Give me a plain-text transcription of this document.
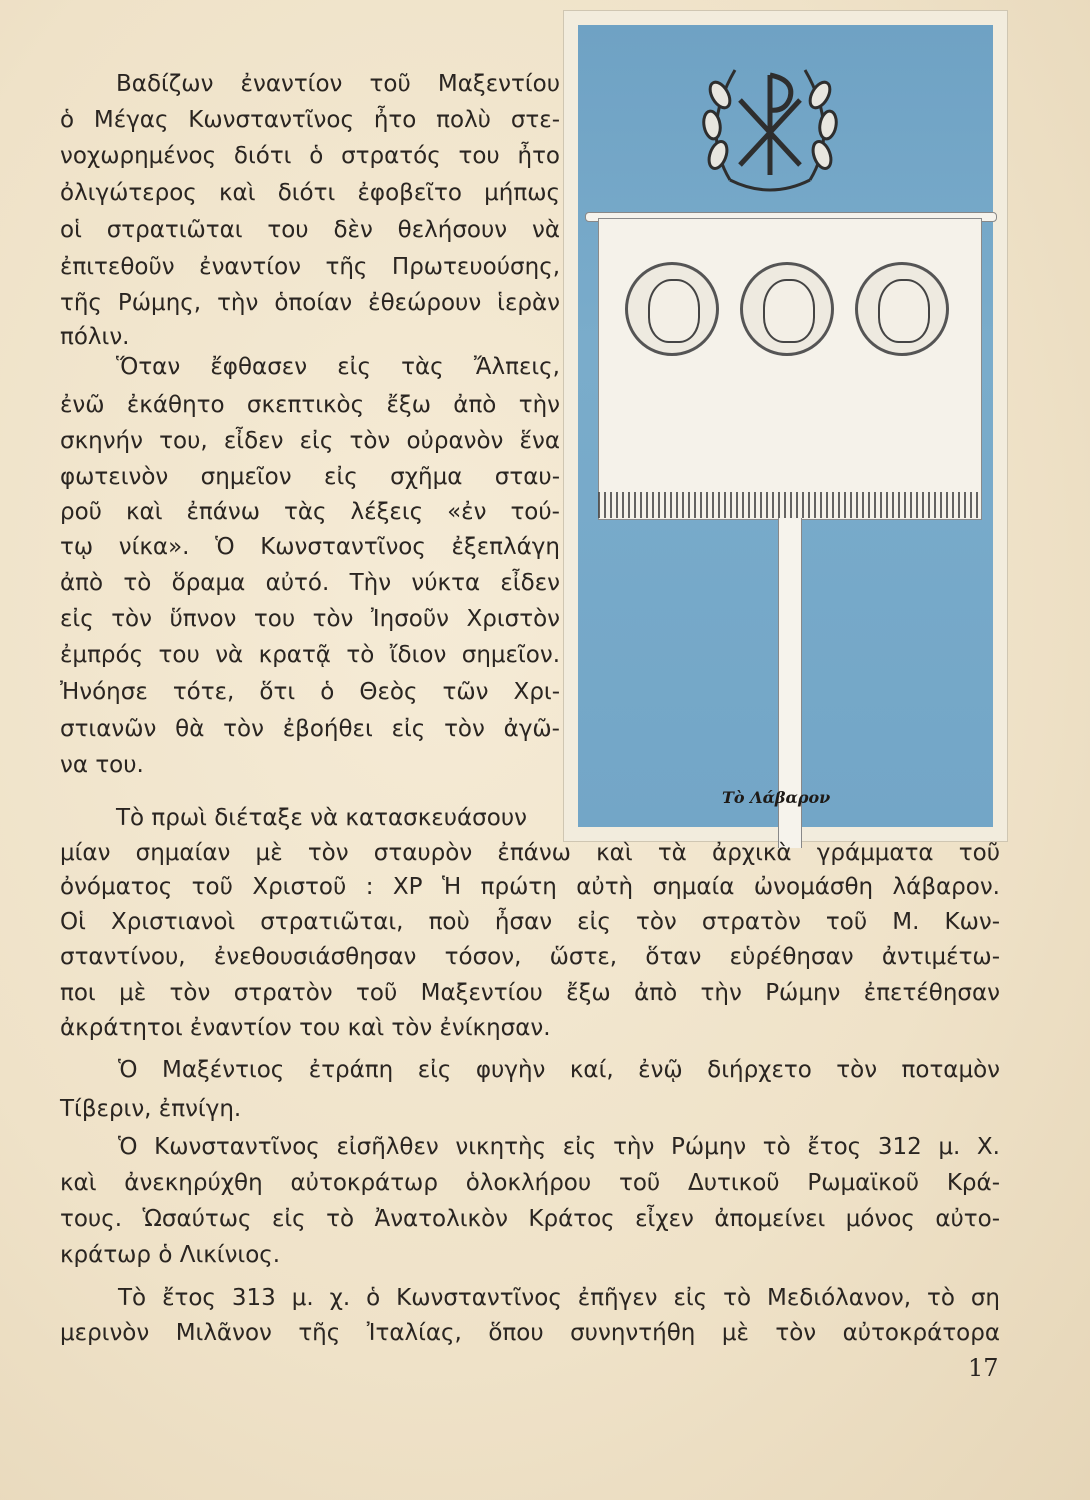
Τὸ Λάβαρον
Βαδίζων ἐναντίον τοῦ Μαξεντίου
ὁ Μέγας Κωνσταντῖνος ἦτο πολὺ στε-
νοχωρημένος διότι ὁ στρατός του ἦτο
ὀλιγώτερος καὶ διότι ἐφοβεῖτο μήπως
οἱ στρατιῶται του δὲν θελήσουν νὰ
ἐπιτεθοῦν ἐναντίον τῆς Πρωτευούσης,
τῆς Ρώμης, τὴν ὁποίαν ἐθεώρουν ἱερὰν
πόλιν.
Ὅταν ἔφθασεν εἰς τὰς Ἄλπεις,
ἐνῶ ἐκάθητο σκεπτικὸς ἔξω ἀπὸ τὴν
σκηνήν του, εἶδεν εἰς τὸν οὐρανὸν ἕνα
φωτεινὸν σημεῖον εἰς σχῆμα σταυ-
ροῦ καὶ ἐπάνω τὰς λέξεις «ἐν τού-
τῳ νίκα». Ὁ Κωνσταντῖνος ἐξεπλάγη
ἀπὸ τὸ ὅραμα αὐτό. Τὴν νύκτα εἶδεν
εἰς τὸν ὕπνον του τὸν Ἰησοῦν Χριστὸν
ἐμπρός του νὰ κρατᾷ τὸ ἴδιον σημεῖον.
Ἠνόησε τότε, ὅτι ὁ Θεὸς τῶν Χρι-
στιανῶν θὰ τὸν ἐβοήθει εἰς τὸν ἀγῶ-
να του.
Τὸ πρωὶ διέταξε νὰ κατασκευάσουν
μίαν σημαίαν μὲ τὸν σταυρὸν ἐπάνω καὶ τὰ ἀρχικὰ γράμματα τοῦ
ὀνόματος τοῦ Χριστοῦ : ΧΡ Ἡ πρώτη αὐτὴ σημαία ὠνομάσθη λάβαρον.
Οἱ Χριστιανοὶ στρατιῶται, ποὺ ἦσαν εἰς τὸν στρατὸν τοῦ Μ. Κων-
σταντίνου, ἐνεθουσιάσθησαν τόσον, ὥστε, ὅταν εὑρέθησαν ἀντιμέτω-
ποι μὲ τὸν στρατὸν τοῦ Μαξεντίου ἔξω ἀπὸ τὴν Ρώμην ἐπετέθησαν
ἀκράτητοι ἐναντίον του καὶ τὸν ἐνίκησαν.
Ὁ Μαξέντιος ἐτράπη εἰς φυγὴν καί, ἐνῷ διήρχετο τὸν ποταμὸν
Τίβεριν, ἐπνίγη.
Ὁ Κωνσταντῖνος εἰσῆλθεν νικητὴς εἰς τὴν Ρώμην τὸ ἔτος 312 μ. Χ.
καὶ ἀνεκηρύχθη αὐτοκράτωρ ὁλοκλήρου τοῦ Δυτικοῦ Ρωμαϊκοῦ Κρά-
τους. Ὡσαύτως εἰς τὸ Ἀνατολικὸν Κράτος εἶχεν ἀπομείνει μόνος αὐτο-
κράτωρ ὁ Λικίνιος.
Τὸ ἔτος 313 μ. χ. ὁ Κωνσταντῖνος ἐπῆγεν εἰς τὸ Μεδιόλανον, τὸ ση
μερινὸν Μιλᾶνον τῆς Ἰταλίας, ὅπου συνηντήθη μὲ τὸν αὐτοκράτορα
17
